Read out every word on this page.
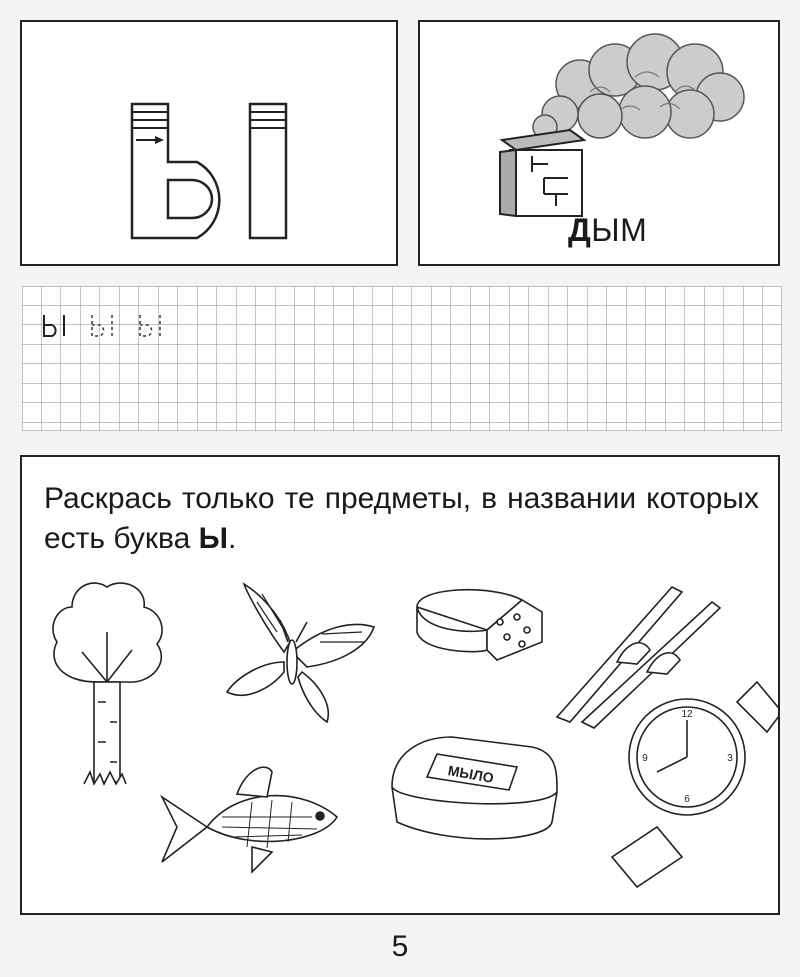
ДЫМ
Раскрась только те предметы, в названии которых есть буква Ы.
МЫЛО
12
3
6
9
5
